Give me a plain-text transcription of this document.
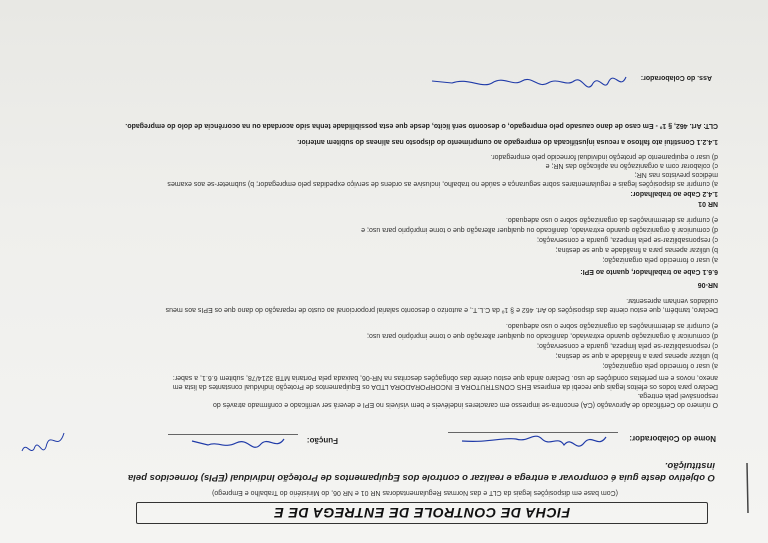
FICHA DE CONTROLE DE ENTREGA DE E
(Com base em disposições legais da CLT e das Normas Regulamentadoras NR 01 e NR 06, do Ministério do Trabalho e Emprego)
O objetivo deste guia é comprovar a entrega e realizar o controle dos Equipamentos de Proteção Individual (EPIs) fornecidos pela
instituição.
Nome do Colaborador:
Função:
O número do Certificado de Aprovação (CA) encontra-se impresso em caracteres indeléveis e bem visíveis no EPI e deverá ser verificado e confirmado através do
responsável pela entrega.
Declaro para todos os efeitos legais que recebi da empresa EHS CONSTRUTORA E INCORPORADORA LTDA os Equipamentos de Proteção Individual constantes da lista em
anexo, novos e em perfeitas condições de uso. Declaro ainda que estou ciente das obrigações descritas na NR-06, baixada pela Portaria MTB 3214/78, subitem 6.6.1, a saber:
a) usar o fornecido pela organização;
b) utilizar apenas para a finalidade a que se destina;
c) responsabilizar-se pela limpeza, guarda e conservação;
d) comunicar à organização quando extraviado, danificado ou qualquer alteração que o torne impróprio para uso;
e) cumprir as determinações da organização sobre o uso adequado.
Declaro, também, que estou ciente das disposições do Art. 462 e § 1º da C.L.T., e autorizo o desconto salarial proporcional ao custo de reparação do dano que os EPIs aos meus
cuidados venham apresentar.
NR-06
6.6.1 Cabe ao trabalhador, quanto ao EPI:
a) usar o fornecido pela organização;
b) utilizar apenas para a finalidade a que se destina;
c) responsabilizar-se pela limpeza, guarda e conservação;
d) comunicar à organização quando extraviado, danificado ou qualquer alteração que o torne impróprio para uso; e
e) cumprir as determinações da organização sobre o uso adequado.
NR 01
1.4.2 Cabe ao trabalhador:
a) cumprir as disposições legais e regulamentares sobre segurança e saúde no trabalho, inclusive as ordens de serviço expedidas pelo empregador; b) submeter-se aos exames
médicos previstos nas NR;
c) colaborar com a organização na aplicação das NR; e
d) usar o equipamento de proteção individual fornecido pelo empregador.
1.4.2.1 Constitui ato faltoso a recusa injustificada do empregado ao cumprimento do disposto nas alíneas do subitem anterior.
CLT: Art. 462, § 1º - Em caso de dano causado pelo empregado, o desconto será lícito, desde que esta possibilidade tenha sido acordada ou na ocorrência de dolo do empregado.
Ass. do Colaborador:
